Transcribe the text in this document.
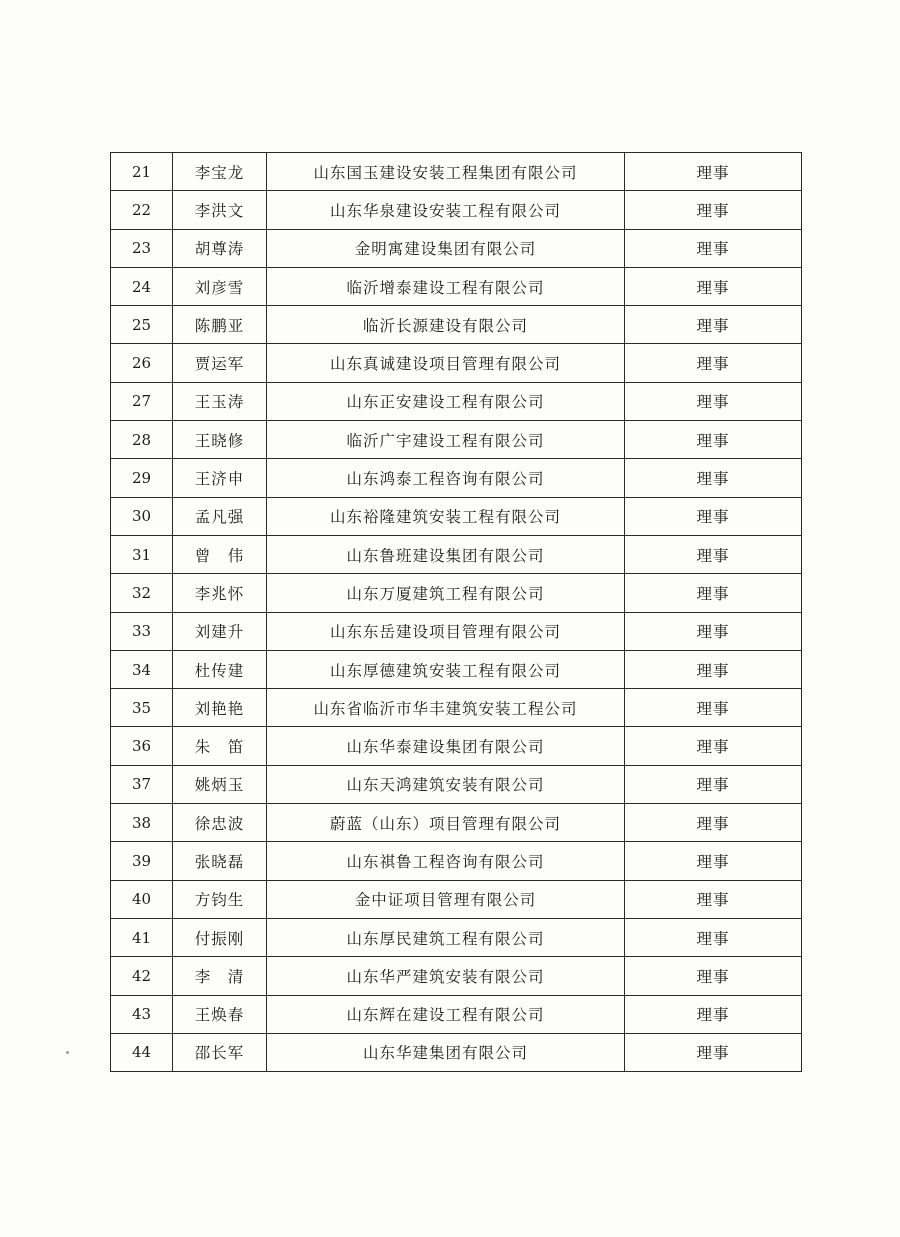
21	李宝龙	山东国玉建设安装工程集团有限公司	理事
22	李洪文	山东华泉建设安装工程有限公司	理事
23	胡尊涛	金明寓建设集团有限公司	理事
24	刘彦雪	临沂增泰建设工程有限公司	理事
25	陈鹏亚	临沂长源建设有限公司	理事
26	贾运军	山东真诚建设项目管理有限公司	理事
27	王玉涛	山东正安建设工程有限公司	理事
28	王晓修	临沂广宇建设工程有限公司	理事
29	王济申	山东鸿泰工程咨询有限公司	理事
30	孟凡强	山东裕隆建筑安装工程有限公司	理事
31	曾　伟	山东鲁班建设集团有限公司	理事
32	李兆怀	山东万厦建筑工程有限公司	理事
33	刘建升	山东东岳建设项目管理有限公司	理事
34	杜传建	山东厚德建筑安装工程有限公司	理事
35	刘艳艳	山东省临沂市华丰建筑安装工程公司	理事
36	朱　笛	山东华泰建设集团有限公司	理事
37	姚炳玉	山东天鸿建筑安装有限公司	理事
38	徐忠波	蔚蓝（山东）项目管理有限公司	理事
39	张晓磊	山东祺鲁工程咨询有限公司	理事
40	方钧生	金中证项目管理有限公司	理事
41	付振刚	山东厚民建筑工程有限公司	理事
42	李　清	山东华严建筑安装有限公司	理事
43	王焕春	山东辉在建设工程有限公司	理事
44	邵长军	山东华建集团有限公司	理事
